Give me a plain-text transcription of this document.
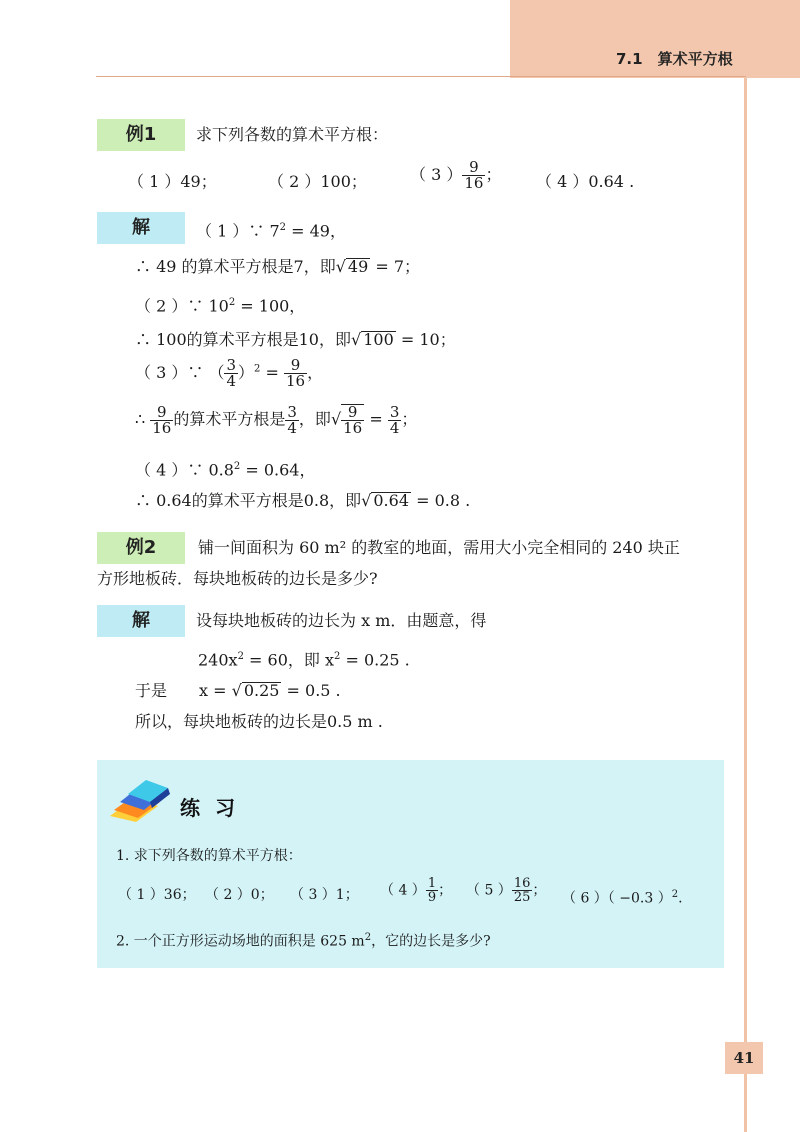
7.1　算术平方根
例1	求下列各数的算术平方根：
（ 1 ）49；	（ 2 ）100；	（ 3 ） $\frac{9}{16}$ ； （ 4 ）0.64 .
解	（ 1 ）∵ $7^2 = 49$，
∴ 49 的算术平方根是7，即√ 49 = 7；
（ 2 ）∵ $10^2 = 100$，
∴ 100的算术平方根是10，即√ 100 = 10；
（ 3 ）∵ （ $\frac{3}{4} )^2 = \frac{9}{16}$ ，
∴ $\frac{9}{16}$ 的算术平方根是 $\frac{3}{4}$ ，即√ $\frac{9}{16} = \frac{3}{4}$ ；
（ 4 ）∵ $0.8^2 = 0.64$，
∴ 0.64的算术平方根是0.8，即√ 0.64 = 0.8 .
例2	铺一间面积为 60 m² 的教室的地面，需用大小完全相同的 240 块正
方形地板砖．每块地板砖的边长是多少?
解	设每块地板砖的边长为 x m．由题意，得
$240x^2 = 60$，即 $x^2 = 0.25$ .
于是　　x = √ 0.25 = 0.5 .
所以，每块地板砖的边长是0.5 m .
练 习
1. 求下列各数的算术平方根：
（ 1 ）36； （ 2 ）0； （ 3 ）1； （ 4 ） $\frac{1}{9}$ ； （ 5 ） $\frac{16}{25}$ ；
（ 6 ）（ −0.3 ）$^2$.
2. 一个正方形运动场地的面积是 625 $m^2$，它的边长是多少?
41
